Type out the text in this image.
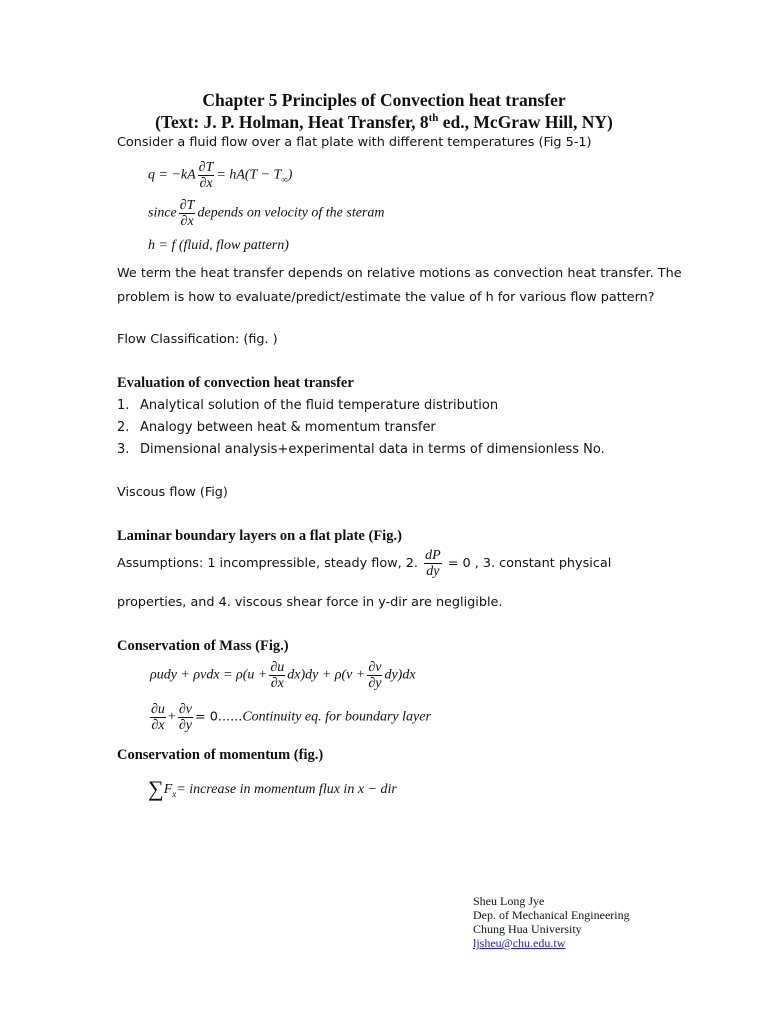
Chapter 5 Principles of Convection heat transfer
(Text: J. P. Holman, Heat Transfer, 8th ed., McGraw Hill, NY)
Consider a fluid flow over a flat plate with different temperatures (Fig 5-1)
$q = -kA \frac{\partial T}{\partial x} = hA(T - T_\infty)$
since $\frac{\partial T}{\partial x}$ depends on velocity of the steram
h = f (fluid, flow pattern)
We term the heat transfer depends on relative motions as convection heat transfer. The
problem is how to evaluate/predict/estimate the value of h for various flow pattern?
Flow Classification: (fig. )
Evaluation of convection heat transfer
1. Analytical solution of the fluid temperature distribution
2. Analogy between heat & momentum transfer
3. Dimensional analysis+experimental data in terms of dimensionless No.
Viscous flow (Fig)
Laminar boundary layers on a flat plate (Fig.)
Assumptions: 1 incompressible, steady flow, 2. $\frac{dP}{dy} = 0$ , 3. constant physical
properties, and 4. viscous shear force in y-dir are negligible.
Conservation of Mass (Fig.)
$\rho udy + \rho vdx = \rho(u + \frac{\partial u}{\partial x} dx)dy + \rho(v + \frac{\partial v}{\partial y} dy)dx$
$\frac{\partial u}{\partial x} + \frac{\partial v}{\partial y}$ = 0......Continuity eq. for boundary layer
Conservation of momentum (fig.)
$\sum F_x=$ increase in momentum flux in x − dir
Sheu Long Jye
Dep. of Mechanical Engineering
Chung Hua University
ljsheu@chu.edu.tw
